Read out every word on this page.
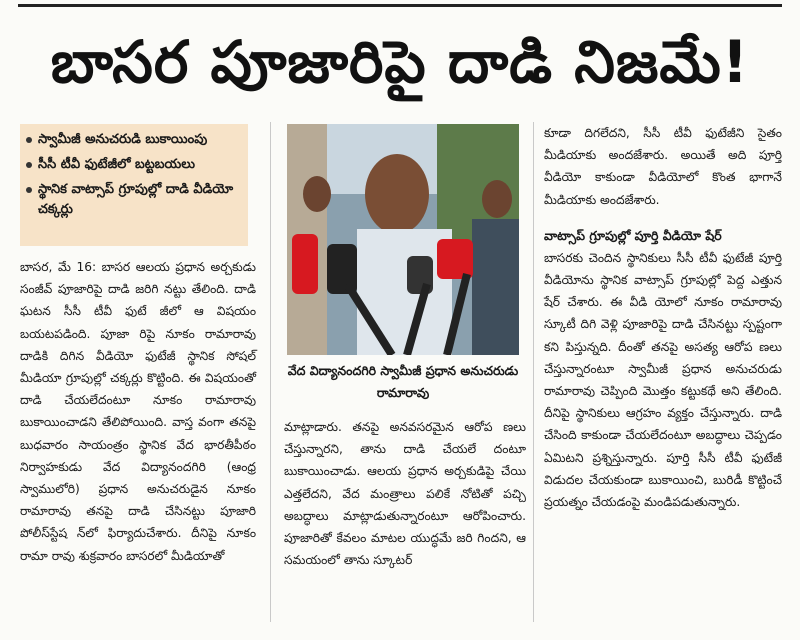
బాసర పూజారిపై దాడి నిజమే!
స్వామీజీ అనుచరుడి బుకాయింపు
సీసీ టీవీ ఫుటేజీలో బట్టబయలు
స్థానిక వాట్సాప్ గ్రూపుల్లో దాడి వీడియో చక్కర్లు

బాసర, మే 16: బాసర ఆలయ ప్రధాన అర్చకుడు సంజీవ్ పూజారిపై దాడి జరిగి నట్టు తేలింది. దాడి ఘటన సీసీ టీవీ ఫుటే జీలో ఆ విషయం బయటపడింది. పూజా రిపై నూకం రామారావు దాడికి దిగిన వీడియో ఫుటేజీ స్థానిక సోషల్ మీడియా గ్రూపుల్లో చక్కర్లు కొట్టింది. ఈ విషయంతో దాడి చేయలేదంటూ నూకం రామారావు బుకాయించాడని తేలిపోయింది. వాస్త వంగా తనపై బుధవారం సాయంత్రం స్థానిక వేద భారతీపీఠం నిర్వాహకుడు వేద విద్యానందగిరి (ఆంధ్ర స్వాములోరి) ప్రధాన అనుచరుడైన నూకం రామారావు తనపై దాడి చేసినట్టు పూజారి పోలీస్‌స్టేష న్‌లో ఫిర్యాదుచేశారు. దీనిపై నూకం రామా రావు శుక్రవారం బాసరలో మీడియాతో

వేద విద్యానందగిరి స్వామీజీ ప్రధాన అనుచరుడు రామారావు

మాట్లాడారు. తనపై అనవసరమైన ఆరోప ణలు చేస్తున్నారని, తాను దాడి చేయలే దంటూ బుకాయించాడు. ఆలయ ప్రధాన అర్చకుడిపై చేయి ఎత్తలేదని, వేద మంత్రాలు పలికే నోటితో పచ్చి అబద్ధాలు మాట్లాడుతున్నారంటూ ఆరోపించారు. పూజారితో కేవలం మాటల యుద్ధమే జరి గిందని, ఆ సమయంలో తాను స్కూటర్

కూడా దిగలేదని, సీసీ టీవీ ఫుటేజీని సైతం మీడియాకు అందజేశారు. అయితే అది పూర్తి వీడియో కాకుండా వీడియోలో కొంత భాగానే మీడియాకు అందజేశారు.

వాట్సాప్ గ్రూపుల్లో పూర్తి వీడియో షేర్

బాసరకు చెందిన స్థానికులు సీసీ టీవీ ఫుటేజీ పూర్తి వీడియోను స్థానిక వాట్సాప్ గ్రూపుల్లో పెద్ద ఎత్తున షేర్ చేశారు. ఈ వీడి యోలో నూకం రామారావు స్కూటీ దిగి వెళ్లి పూజారిపై దాడి చేసినట్టు స్పష్టంగా కని పిస్తున్నది. దీంతో తనపై అసత్య ఆరోప ణలు చేస్తున్నారంటూ స్వామీజీ ప్రధాన అనుచరుడు రామారావు చెప్పింది మొత్తం కట్టుకథే అని తేలింది. దీనిపై స్థానికులు ఆగ్రహం వ్యక్తం చేస్తున్నారు. దాడి చేసింది కాకుండా చేయలేదంటూ అబద్ధాలు చెప్పడం ఏమిటని ప్రశ్నిస్తున్నారు. పూర్తి సీసీ టీవీ ఫుటేజీ విడుదల చేయకుండా బుకాయించి, బురిడీ కొట్టించే ప్రయత్నం చేయడంపై మండిపడుతున్నారు.
